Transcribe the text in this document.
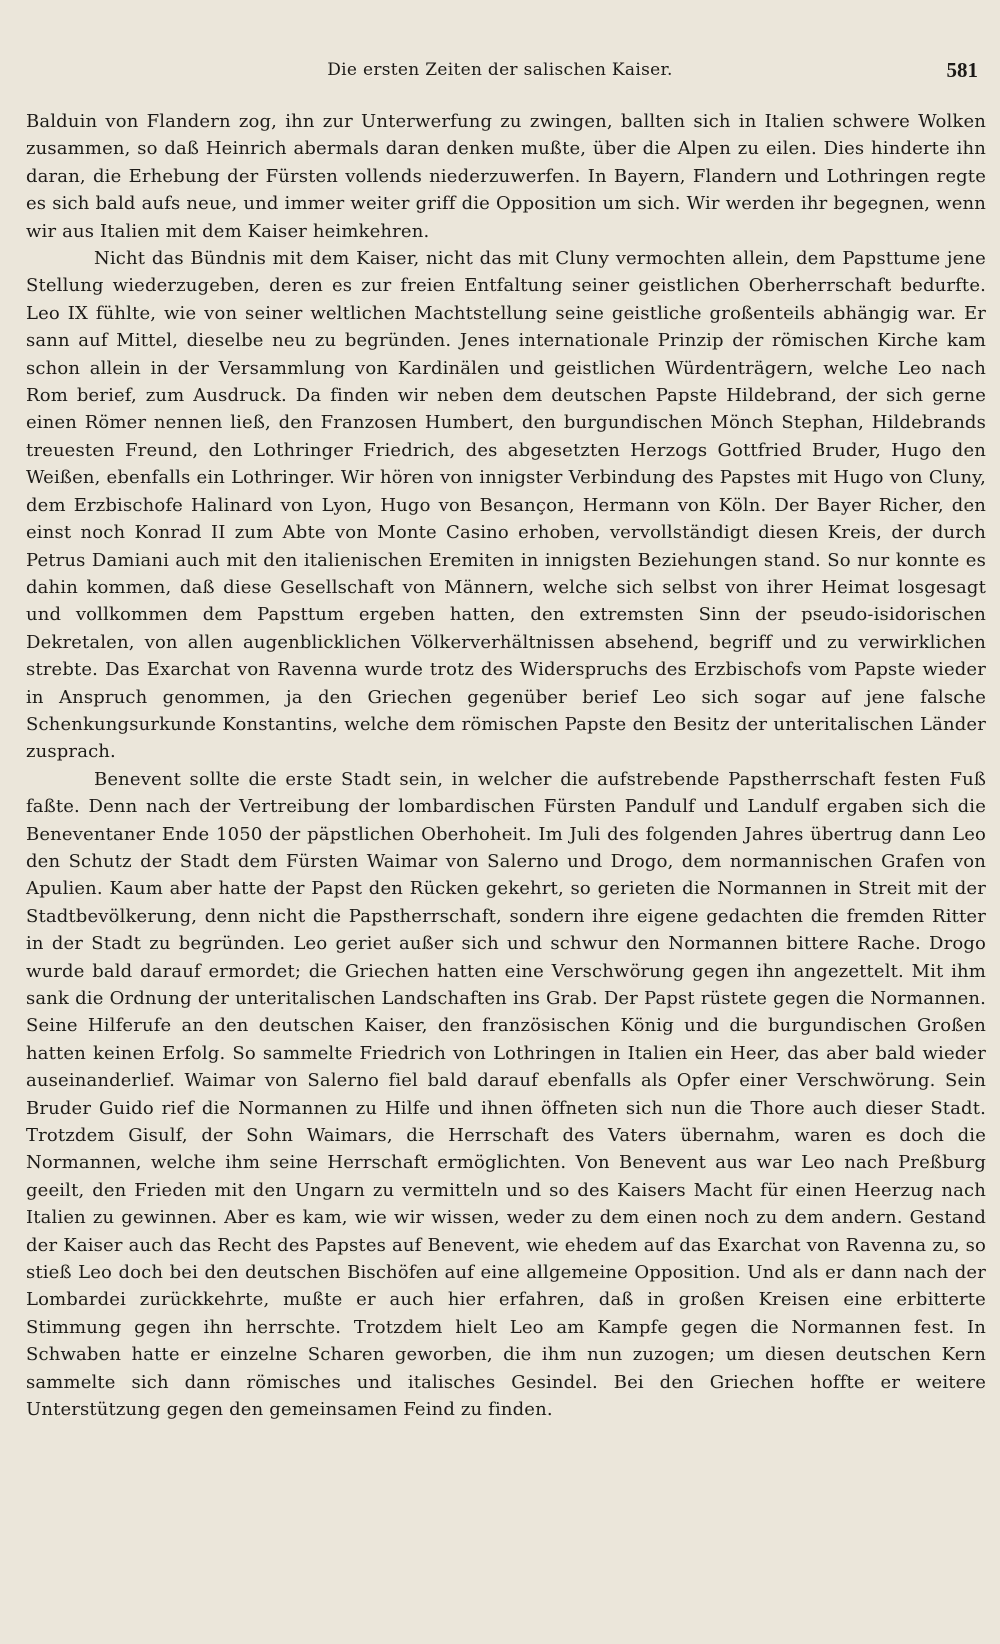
Die ersten Zeiten der salischen Kaiser.	581

Balduin von Flandern zog, ihn zur Unterwerfung zu zwingen, ballten sich in Italien schwere Wolken zusammen, so daß Heinrich abermals daran denken mußte, über die Alpen zu eilen. Dies hinderte ihn daran, die Erhebung der Fürsten vollends niederzuwerfen. In Bayern, Flandern und Lothringen regte es sich bald aufs neue, und immer weiter griff die Opposition um sich. Wir werden ihr begegnen, wenn wir aus Italien mit dem Kaiser heimkehren.

Nicht das Bündnis mit dem Kaiser, nicht das mit Cluny vermochten allein, dem Papsttume jene Stellung wiederzugeben, deren es zur freien Entfaltung seiner geistlichen Oberherrschaft bedurfte. Leo IX fühlte, wie von seiner weltlichen Machtstellung seine geistliche großenteils abhängig war. Er sann auf Mittel, dieselbe neu zu begründen. Jenes internationale Prinzip der römischen Kirche kam schon allein in der Versammlung von Kardinälen und geistlichen Würdenträgern, welche Leo nach Rom berief, zum Ausdruck. Da finden wir neben dem deutschen Papste Hildebrand, der sich gerne einen Römer nennen ließ, den Franzosen Humbert, den burgundischen Mönch Stephan, Hildebrands treuesten Freund, den Lothringer Friedrich, des abgesetzten Herzogs Gottfried Bruder, Hugo den Weißen, ebenfalls ein Lothringer. Wir hören von innigster Verbindung des Papstes mit Hugo von Cluny, dem Erzbischofe Halinard von Lyon, Hugo von Besançon, Hermann von Köln. Der Bayer Richer, den einst noch Konrad II zum Abte von Monte Casino erhoben, vervollständigt diesen Kreis, der durch Petrus Damiani auch mit den italienischen Eremiten in innigsten Beziehungen stand. So nur konnte es dahin kommen, daß diese Gesellschaft von Männern, welche sich selbst von ihrer Heimat losgesagt und vollkommen dem Papsttum ergeben hatten, den extremsten Sinn der pseudo-isidorischen Dekretalen, von allen augenblicklichen Völkerverhältnissen absehend, begriff und zu verwirklichen strebte. Das Exarchat von Ravenna wurde trotz des Widerspruchs des Erzbischofs vom Papste wieder in Anspruch genommen, ja den Griechen gegenüber berief Leo sich sogar auf jene falsche Schenkungsurkunde Konstantins, welche dem römischen Papste den Besitz der unteritalischen Länder zusprach.

Benevent sollte die erste Stadt sein, in welcher die aufstrebende Papstherrschaft festen Fuß faßte. Denn nach der Vertreibung der lombardischen Fürsten Pandulf und Landulf ergaben sich die Beneventaner Ende 1050 der päpstlichen Oberhoheit. Im Juli des folgenden Jahres übertrug dann Leo den Schutz der Stadt dem Fürsten Waimar von Salerno und Drogo, dem normannischen Grafen von Apulien. Kaum aber hatte der Papst den Rücken gekehrt, so gerieten die Normannen in Streit mit der Stadtbevölkerung, denn nicht die Papstherrschaft, sondern ihre eigene gedachten die fremden Ritter in der Stadt zu begründen. Leo geriet außer sich und schwur den Normannen bittere Rache. Drogo wurde bald darauf ermordet; die Griechen hatten eine Verschwörung gegen ihn angezettelt. Mit ihm sank die Ordnung der unteritalischen Landschaften ins Grab. Der Papst rüstete gegen die Normannen. Seine Hilferufe an den deutschen Kaiser, den französischen König und die burgundischen Großen hatten keinen Erfolg. So sammelte Friedrich von Lothringen in Italien ein Heer, das aber bald wieder auseinanderlief. Waimar von Salerno fiel bald darauf ebenfalls als Opfer einer Verschwörung. Sein Bruder Guido rief die Normannen zu Hilfe und ihnen öffneten sich nun die Thore auch dieser Stadt. Trotzdem Gisulf, der Sohn Waimars, die Herrschaft des Vaters übernahm, waren es doch die Normannen, welche ihm seine Herrschaft ermöglichten. Von Benevent aus war Leo nach Preßburg geeilt, den Frieden mit den Ungarn zu vermitteln und so des Kaisers Macht für einen Heerzug nach Italien zu gewinnen. Aber es kam, wie wir wissen, weder zu dem einen noch zu dem andern. Gestand der Kaiser auch das Recht des Papstes auf Benevent, wie ehedem auf das Exarchat von Ravenna zu, so stieß Leo doch bei den deutschen Bischöfen auf eine allgemeine Opposition. Und als er dann nach der Lombardei zurückkehrte, mußte er auch hier erfahren, daß in großen Kreisen eine erbitterte Stimmung gegen ihn herrschte. Trotzdem hielt Leo am Kampfe gegen die Normannen fest. In Schwaben hatte er einzelne Scharen geworben, die ihm nun zuzogen; um diesen deutschen Kern sammelte sich dann römisches und italisches Gesindel. Bei den Griechen hoffte er weitere Unterstützung gegen den gemeinsamen Feind zu finden.
